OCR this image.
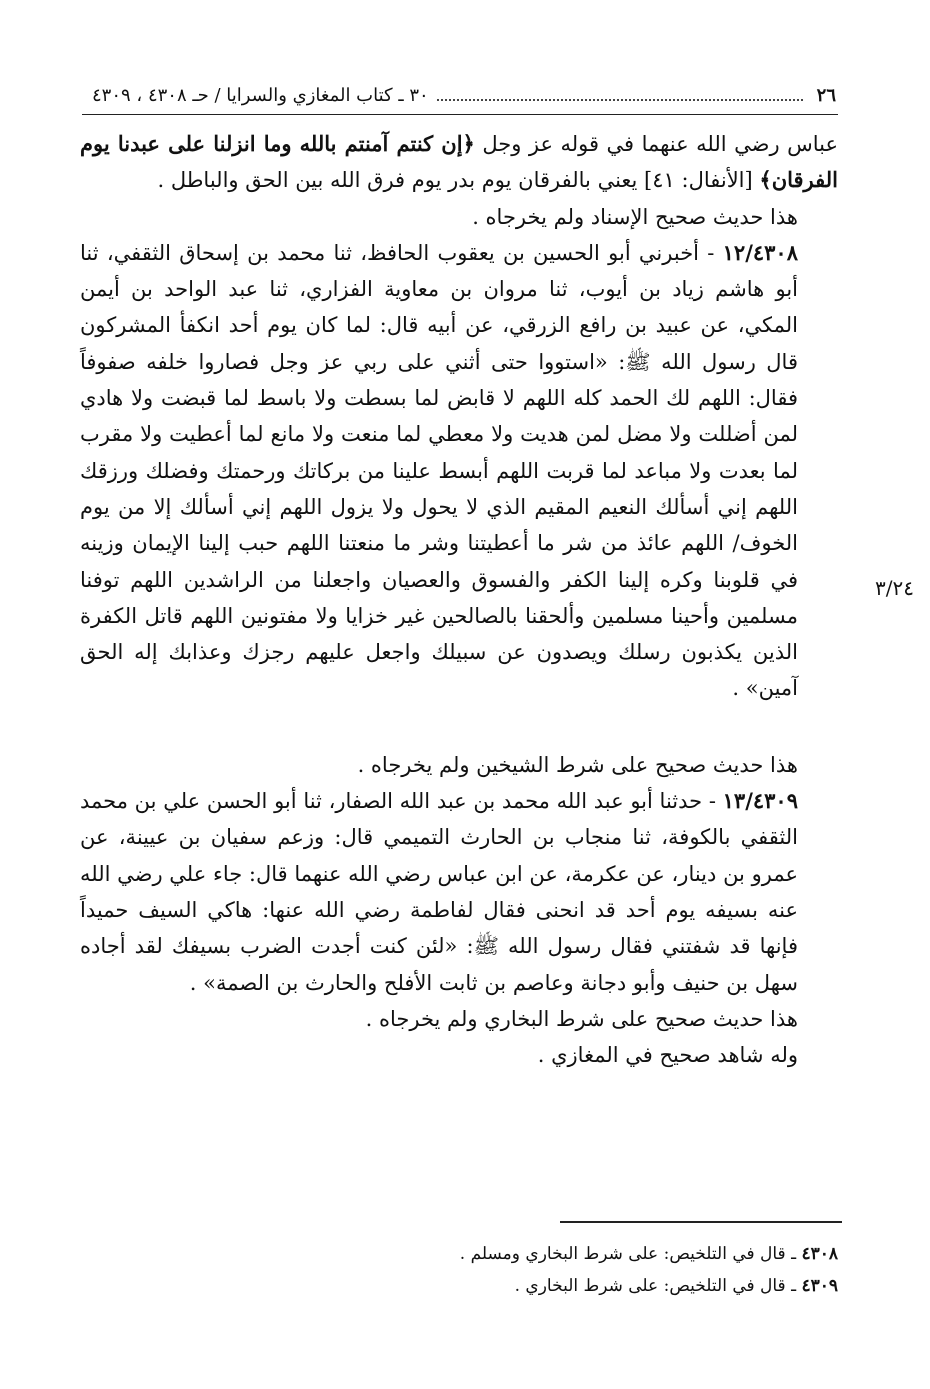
٢٦
٣٠ ـ كتاب المغازي والسرايا / حـ ٤٣٠٨ ، ٤٣٠٩
٣/٢٤

عباس رضي الله عنهما في قوله عز وجل ﴿إن كنتم آمنتم بالله وما انزلنا على عبدنا يوم الفرقان﴾ [الأنفال: ٤١] يعني بالفرقان يوم بدر يوم فرق الله بين الحق والباطل .

هذا حديث صحيح الإسناد ولم يخرجاه .

١٢/٤٣٠٨ - أخبرني أبو الحسين بن يعقوب الحافظ، ثنا محمد بن إسحاق الثقفي، ثنا أبو هاشم زياد بن أيوب، ثنا مروان بن معاوية الفزاري، ثنا عبد الواحد بن أيمن المكي، عن عبيد بن رافع الزرقي، عن أبيه قال: لما كان يوم أحد انكفأ المشركون قال رسول الله ﷺ: «استووا حتى أثني على ربي عز وجل فصاروا خلفه صفوفاً فقال: اللهم لك الحمد كله اللهم لا قابض لما بسطت ولا باسط لما قبضت ولا هادي لمن أضللت ولا مضل لمن هديت ولا معطي لما منعت ولا مانع لما أعطيت ولا مقرب لما بعدت ولا مباعد لما قربت اللهم أبسط علينا من بركاتك ورحمتك وفضلك ورزقك اللهم إني أسألك النعيم المقيم الذي لا يحول ولا يزول اللهم إني أسألك إلا من يوم الخوف/ اللهم عائذ من شر ما أعطيتنا وشر ما منعتنا اللهم حبب إلينا الإيمان وزينه في قلوبنا وكره إلينا الكفر والفسوق والعصيان واجعلنا من الراشدين اللهم توفنا مسلمين وأحينا مسلمين وألحقنا بالصالحين غير خزايا ولا مفتونين اللهم قاتل الكفرة الذين يكذبون رسلك ويصدون عن سبيلك واجعل عليهم رجزك وعذابك إله الحق آمين» .

هذا حديث صحيح على شرط الشيخين ولم يخرجاه .

١٣/٤٣٠٩ - حدثنا أبو عبد الله محمد بن عبد الله الصفار، ثنا أبو الحسن علي بن محمد الثقفي بالكوفة، ثنا منجاب بن الحارث التميمي قال: وزعم سفيان بن عيينة، عن عمرو بن دينار، عن عكرمة، عن ابن عباس رضي الله عنهما قال: جاء علي رضي الله عنه بسيفه يوم أحد قد انحنى فقال لفاطمة رضي الله عنها: هاكي السيف حميداً فإنها قد شفتني فقال رسول الله ﷺ: «لئن كنت أجدت الضرب بسيفك لقد أجاده سهل بن حنيف وأبو دجانة وعاصم بن ثابت الأفلح والحارث بن الصمة» .

هذا حديث صحيح على شرط البخاري ولم يخرجاه .

وله شاهد صحيح في المغازي .

٤٣٠٨ ـ قال في التلخيص: على شرط البخاري ومسلم .
٤٣٠٩ ـ قال في التلخيص: على شرط البخاري .
